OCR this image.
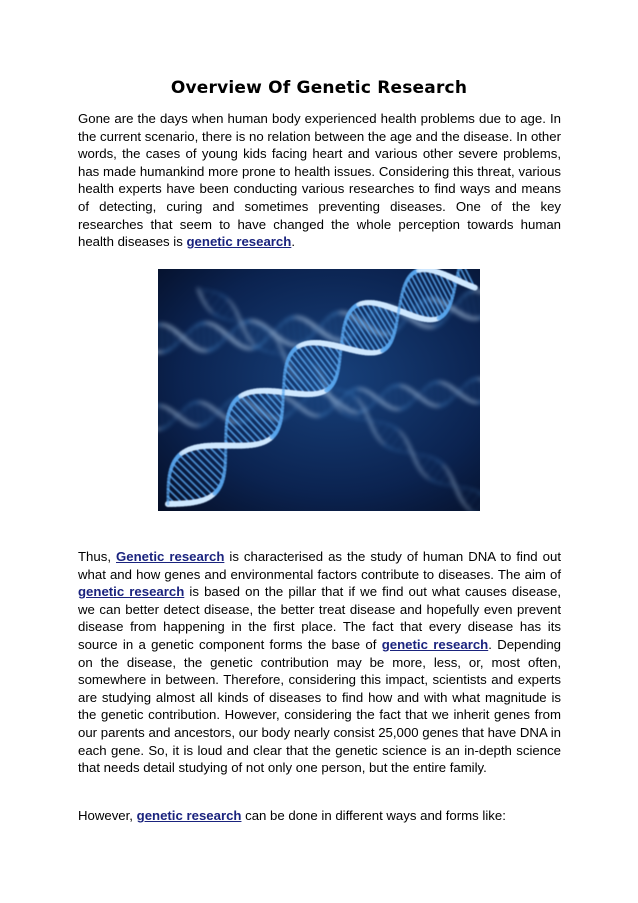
Overview Of Genetic Research

Gone are the days when human body experienced health problems due to age. In the current scenario, there is no relation between the age and the disease. In other words, the cases of young kids facing heart and various other severe problems, has made humankind more prone to health issues. Considering this threat, various health experts have been conducting various researches to find ways and means of detecting, curing and sometimes preventing diseases. One of the key researches that seem to have changed the whole perception towards human health diseases is genetic research.

Thus, Genetic research is characterised as the study of human DNA to find out what and how genes and environmental factors contribute to diseases. The aim of genetic research is based on the pillar that if we find out what causes disease, we can better detect disease, the better treat disease and hopefully even prevent disease from happening in the first place. The fact that every disease has its source in a genetic component forms the base of genetic research. Depending on the disease, the genetic contribution may be more, less, or, most often, somewhere in between. Therefore, considering this impact, scientists and experts are studying almost all kinds of diseases to find how and with what magnitude is the genetic contribution. However, considering the fact that we inherit genes from our parents and ancestors, our body nearly consist 25,000 genes that have DNA in each gene. So, it is loud and clear that the genetic science is an in-depth science that needs detail studying of not only one person, but the entire family.

However, genetic research can be done in different ways and forms like:
